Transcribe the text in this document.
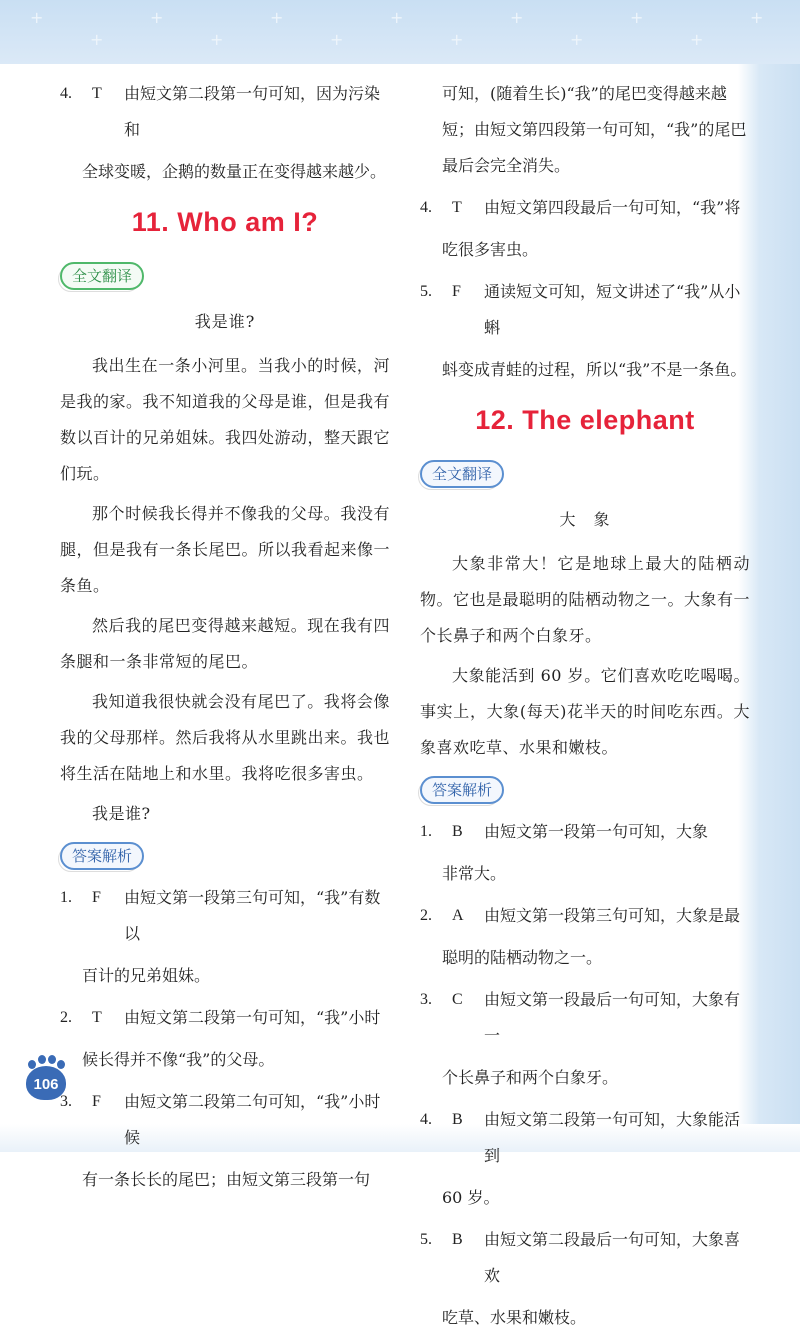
+
+
+
+
+
+
+
+
+
+
+
+
+
4.	T	由短文第二段第一句可知，因为污染和
全球变暖，企鹅的数量正在变得越来越少。
11. Who am I?
全文翻译
我是谁?

我出生在一条小河里。当我小的时候，河是我的家。我不知道我的父母是谁，但是我有数以百计的兄弟姐妹。我四处游动，整天跟它们玩。

那个时候我长得并不像我的父母。我没有腿，但是我有一条长尾巴。所以我看起来像一条鱼。

然后我的尾巴变得越来越短。现在我有四条腿和一条非常短的尾巴。

我知道我很快就会没有尾巴了。我将会像我的父母那样。然后我将从水里跳出来。我也将生活在陆地上和水里。我将吃很多害虫。

我是谁?

答案解析
1.	F	由短文第一段第三句可知，“我”有数以
百计的兄弟姐妹。
2.	T	由短文第二段第一句可知，“我”小时
候长得并不像“我”的父母。
3.	F	由短文第二段第二句可知，“我”小时候
有一条长长的尾巴；由短文第三段第一句
可知，(随着生长)“我”的尾巴变得越来越短；由短文第四段第一句可知，“我”的尾巴最后会完全消失。
4.	T	由短文第四段最后一句可知，“我”将
吃很多害虫。
5.	F	通读短文可知，短文讲述了“我”从小蝌
蚪变成青蛙的过程，所以“我”不是一条鱼。
12. The elephant
全文翻译
大　象

大象非常大！它是地球上最大的陆栖动物。它也是最聪明的陆栖动物之一。大象有一个长鼻子和两个白象牙。

大象能活到 60 岁。它们喜欢吃吃喝喝。事实上，大象(每天)花半天的时间吃东西。大象喜欢吃草、水果和嫩枝。

答案解析
1.	B	由短文第一段第一句可知，大象
非常大。
2.	A	由短文第一段第三句可知，大象是最
聪明的陆栖动物之一。
3.	C	由短文第一段最后一句可知，大象有一
个长鼻子和两个白象牙。
4.	B	由短文第二段第一句可知，大象能活到
60 岁。
5.	B	由短文第二段最后一句可知，大象喜欢
吃草、水果和嫩枝。
106
